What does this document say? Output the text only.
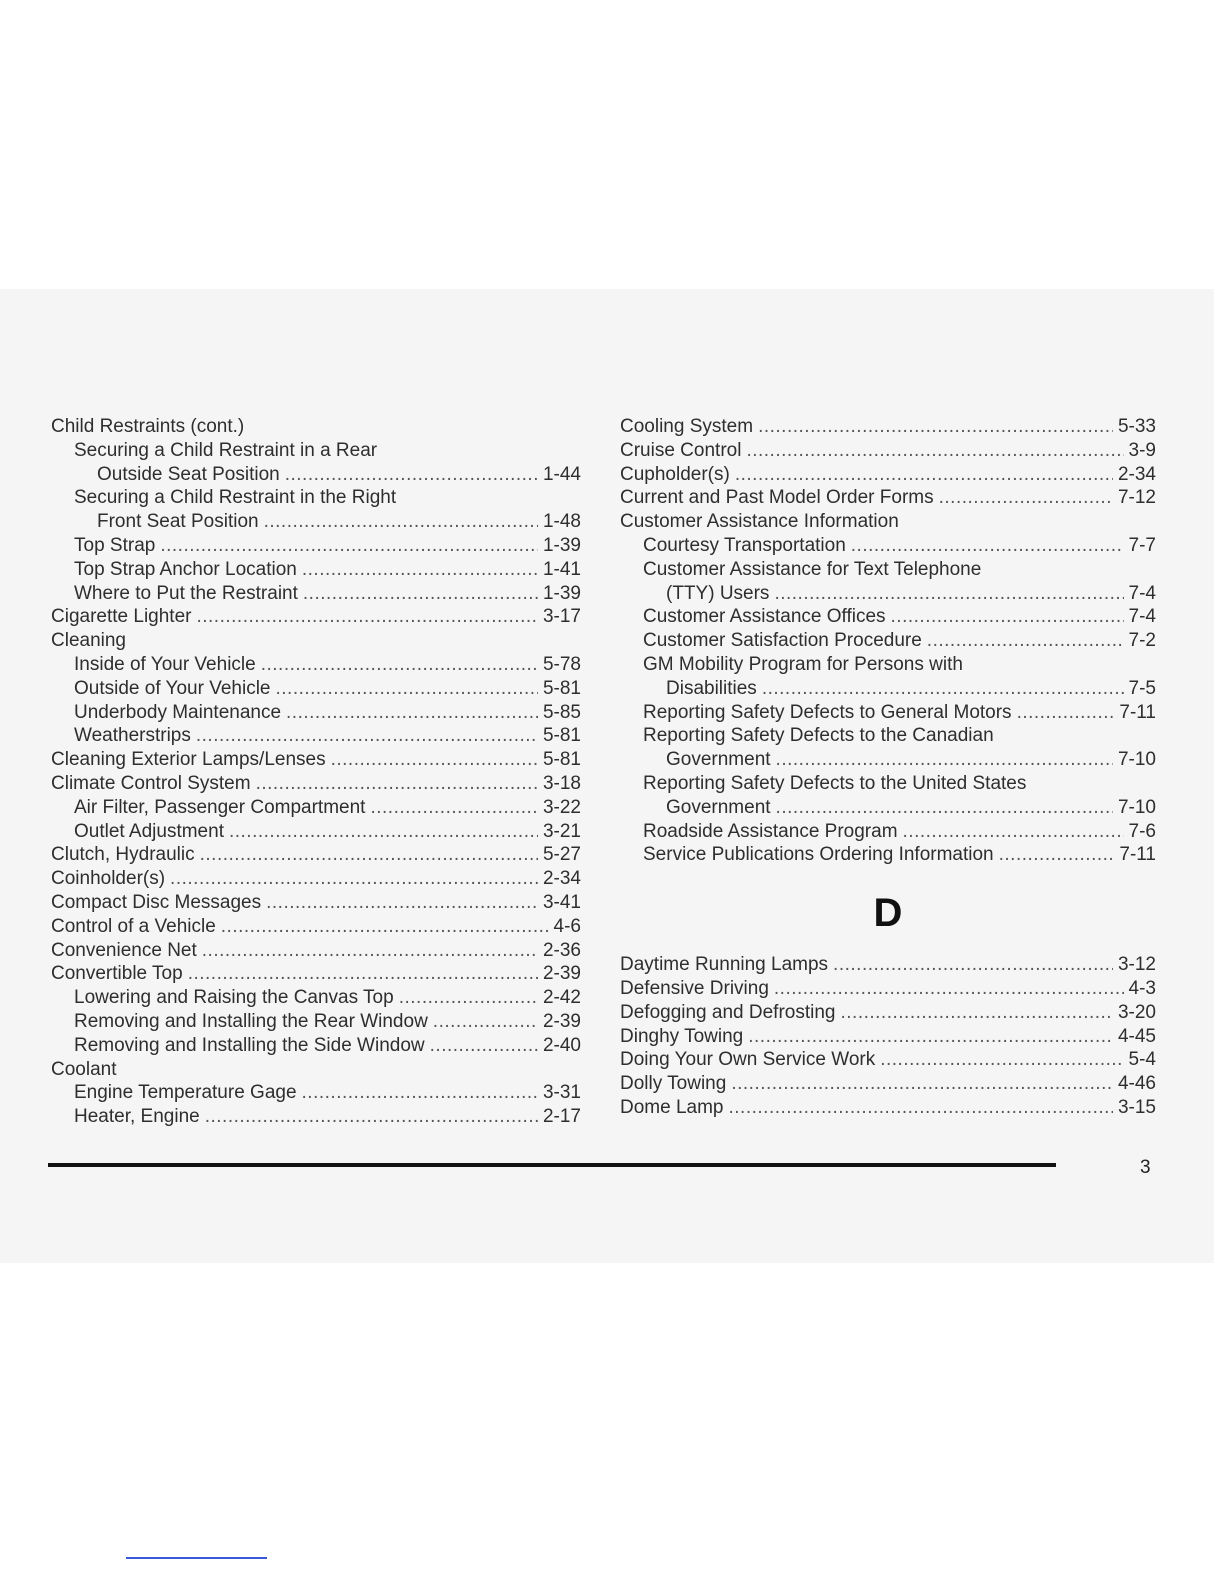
Child Restraints (cont.)
Securing a Child Restraint in a Rear
Outside Seat Position .....	1-44
Securing a Child Restraint in the Right
Front Seat Position .....	1-48
Top Strap .....	1-39
Top Strap Anchor Location .....	1-41
Where to Put the Restraint .....	1-39
Cigarette Lighter .....	3-17
Cleaning
Inside of Your Vehicle .....	5-78
Outside of Your Vehicle .....	5-81
Underbody Maintenance .....	5-85
Weatherstrips .....	5-81
Cleaning Exterior Lamps/Lenses .....	5-81
Climate Control System .....	3-18
Air Filter, Passenger Compartment .....	3-22
Outlet Adjustment .....	3-21
Clutch, Hydraulic .....	5-27
Coinholder(s) .....	2-34
Compact Disc Messages .....	3-41
Control of a Vehicle .....	4-6
Convenience Net .....	2-36
Convertible Top .....	2-39
Lowering and Raising the Canvas Top .....	2-42
Removing and Installing the Rear Window .....	2-39
Removing and Installing the Side Window .....	2-40
Coolant
Engine Temperature Gage .....	3-31
Heater, Engine .....	2-17
Cooling System .....	5-33
Cruise Control .....	3-9
Cupholder(s) .....	2-34
Current and Past Model Order Forms .....	7-12
Customer Assistance Information
Courtesy Transportation .....	7-7
Customer Assistance for Text Telephone
(TTY) Users .....	7-4
Customer Assistance Offices .....	7-4
Customer Satisfaction Procedure .....	7-2
GM Mobility Program for Persons with
Disabilities .....	7-5
Reporting Safety Defects to General Motors .....	7-11
Reporting Safety Defects to the Canadian
Government .....	7-10
Reporting Safety Defects to the United States
Government .....	7-10
Roadside Assistance Program .....	7-6
Service Publications Ordering Information .....	7-11
D
Daytime Running Lamps .....	3-12
Defensive Driving .....	4-3
Defogging and Defrosting .....	3-20
Dinghy Towing .....	4-45
Doing Your Own Service Work .....	5-4
Dolly Towing .....	4-46
Dome Lamp .....	3-15
3
